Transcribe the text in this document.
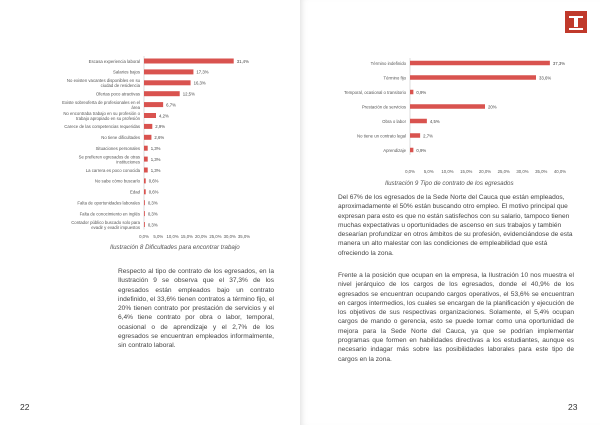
Escasa experiencia laboral	31,4%
Salarios bajos	17,3%
No existen vacantes disponibles en su
ciudad de residencia	16,3%
Ofertas poco atractivas	12,5%
Existe sobreoferta de profesionales en el
área	6,7%
No encontraba trabajo en su profesión o
trabajo apropiado en su profesión	4,2%
Carece de las competencias requeridas	2,9%
No tiene dificultades	2,6%
Situaciones personales 1,3%
Se prefieren egresados de otras
instituciones 1,3%
La carrera es poco conocida 1,3%
No sabe cómo buscarlo 0,6%
Edad 0,6%
Falta de oportunidades laborales 0,3%
Falta de conocimiento en inglés 0,3%
Contador público buscado solo para
evadir y evadir impuestos 0,3%
0,0% 5,0% 10,0% 15,0% 20,0% 25,0% 30,0% 35,0%
Ilustración 8 Dificultades para encontrar trabajo

Respecto al tipo de contrato de los egresados, en la Ilustración 9 se observa que el 37,3% de los egresados están empleados bajo un contrato indefinido, el 33,6% tienen contratos a término fijo, el 20% tienen contrato por prestación de servicios y el 6,4% tiene contrato por obra o labor, temporal, ocasional o de aprendizaje y el 2,7% de los egresados se encuentran empleados informalmente, sin contrato laboral.

22
Término indefinido	37,3%
Término fijo	33,6%
Temporal, ocasional o transitorio 0,9%
Prestación de servicios	20%
Obra o labor	4,5%
No tiene un contrato legal	2,7%
Aprendizaje 0,9%
0,0% 5,0% 10,0% 15,0% 20,0% 25,0% 30,0% 35,0% 40,0%
Ilustración 9 Tipo de contrato de los egresados

Del 67% de los egresados de la Sede Norte del Cauca que están empleados, aproximadamente el 50% están buscando otro empleo. El motivo principal que expresan para esto es que no están satisfechos con su salario, tampoco tienen muchas expectativas u oportunidades de ascenso en sus trabajos y también desearían profundizar en otros ámbitos de su profesión, evidenciándose de esta manera un alto malestar con las condiciones de empleabilidad que está ofreciendo la zona.

Frente a la posición que ocupan en la empresa, la Ilustración 10 nos muestra el nivel jerárquico de los cargos de los egresados, donde el 40,9% de los egresados se encuentran ocupando cargos operativos, el 53,6% se encuentran en cargos intermedios, los cuales se encargan de la planificación y ejecución de los objetivos de sus respectivas organizaciones. Solamente, el 5,4% ocupan cargos de mando o gerencia, esto se puede tomar como una oportunidad de mejora para la Sede Norte del Cauca, ya que se podrían implementar programas que formen en habilidades directivas a los estudiantes, aunque es necesario indagar más sobre las posibilidades laborales para este tipo de cargos en la zona.

23
